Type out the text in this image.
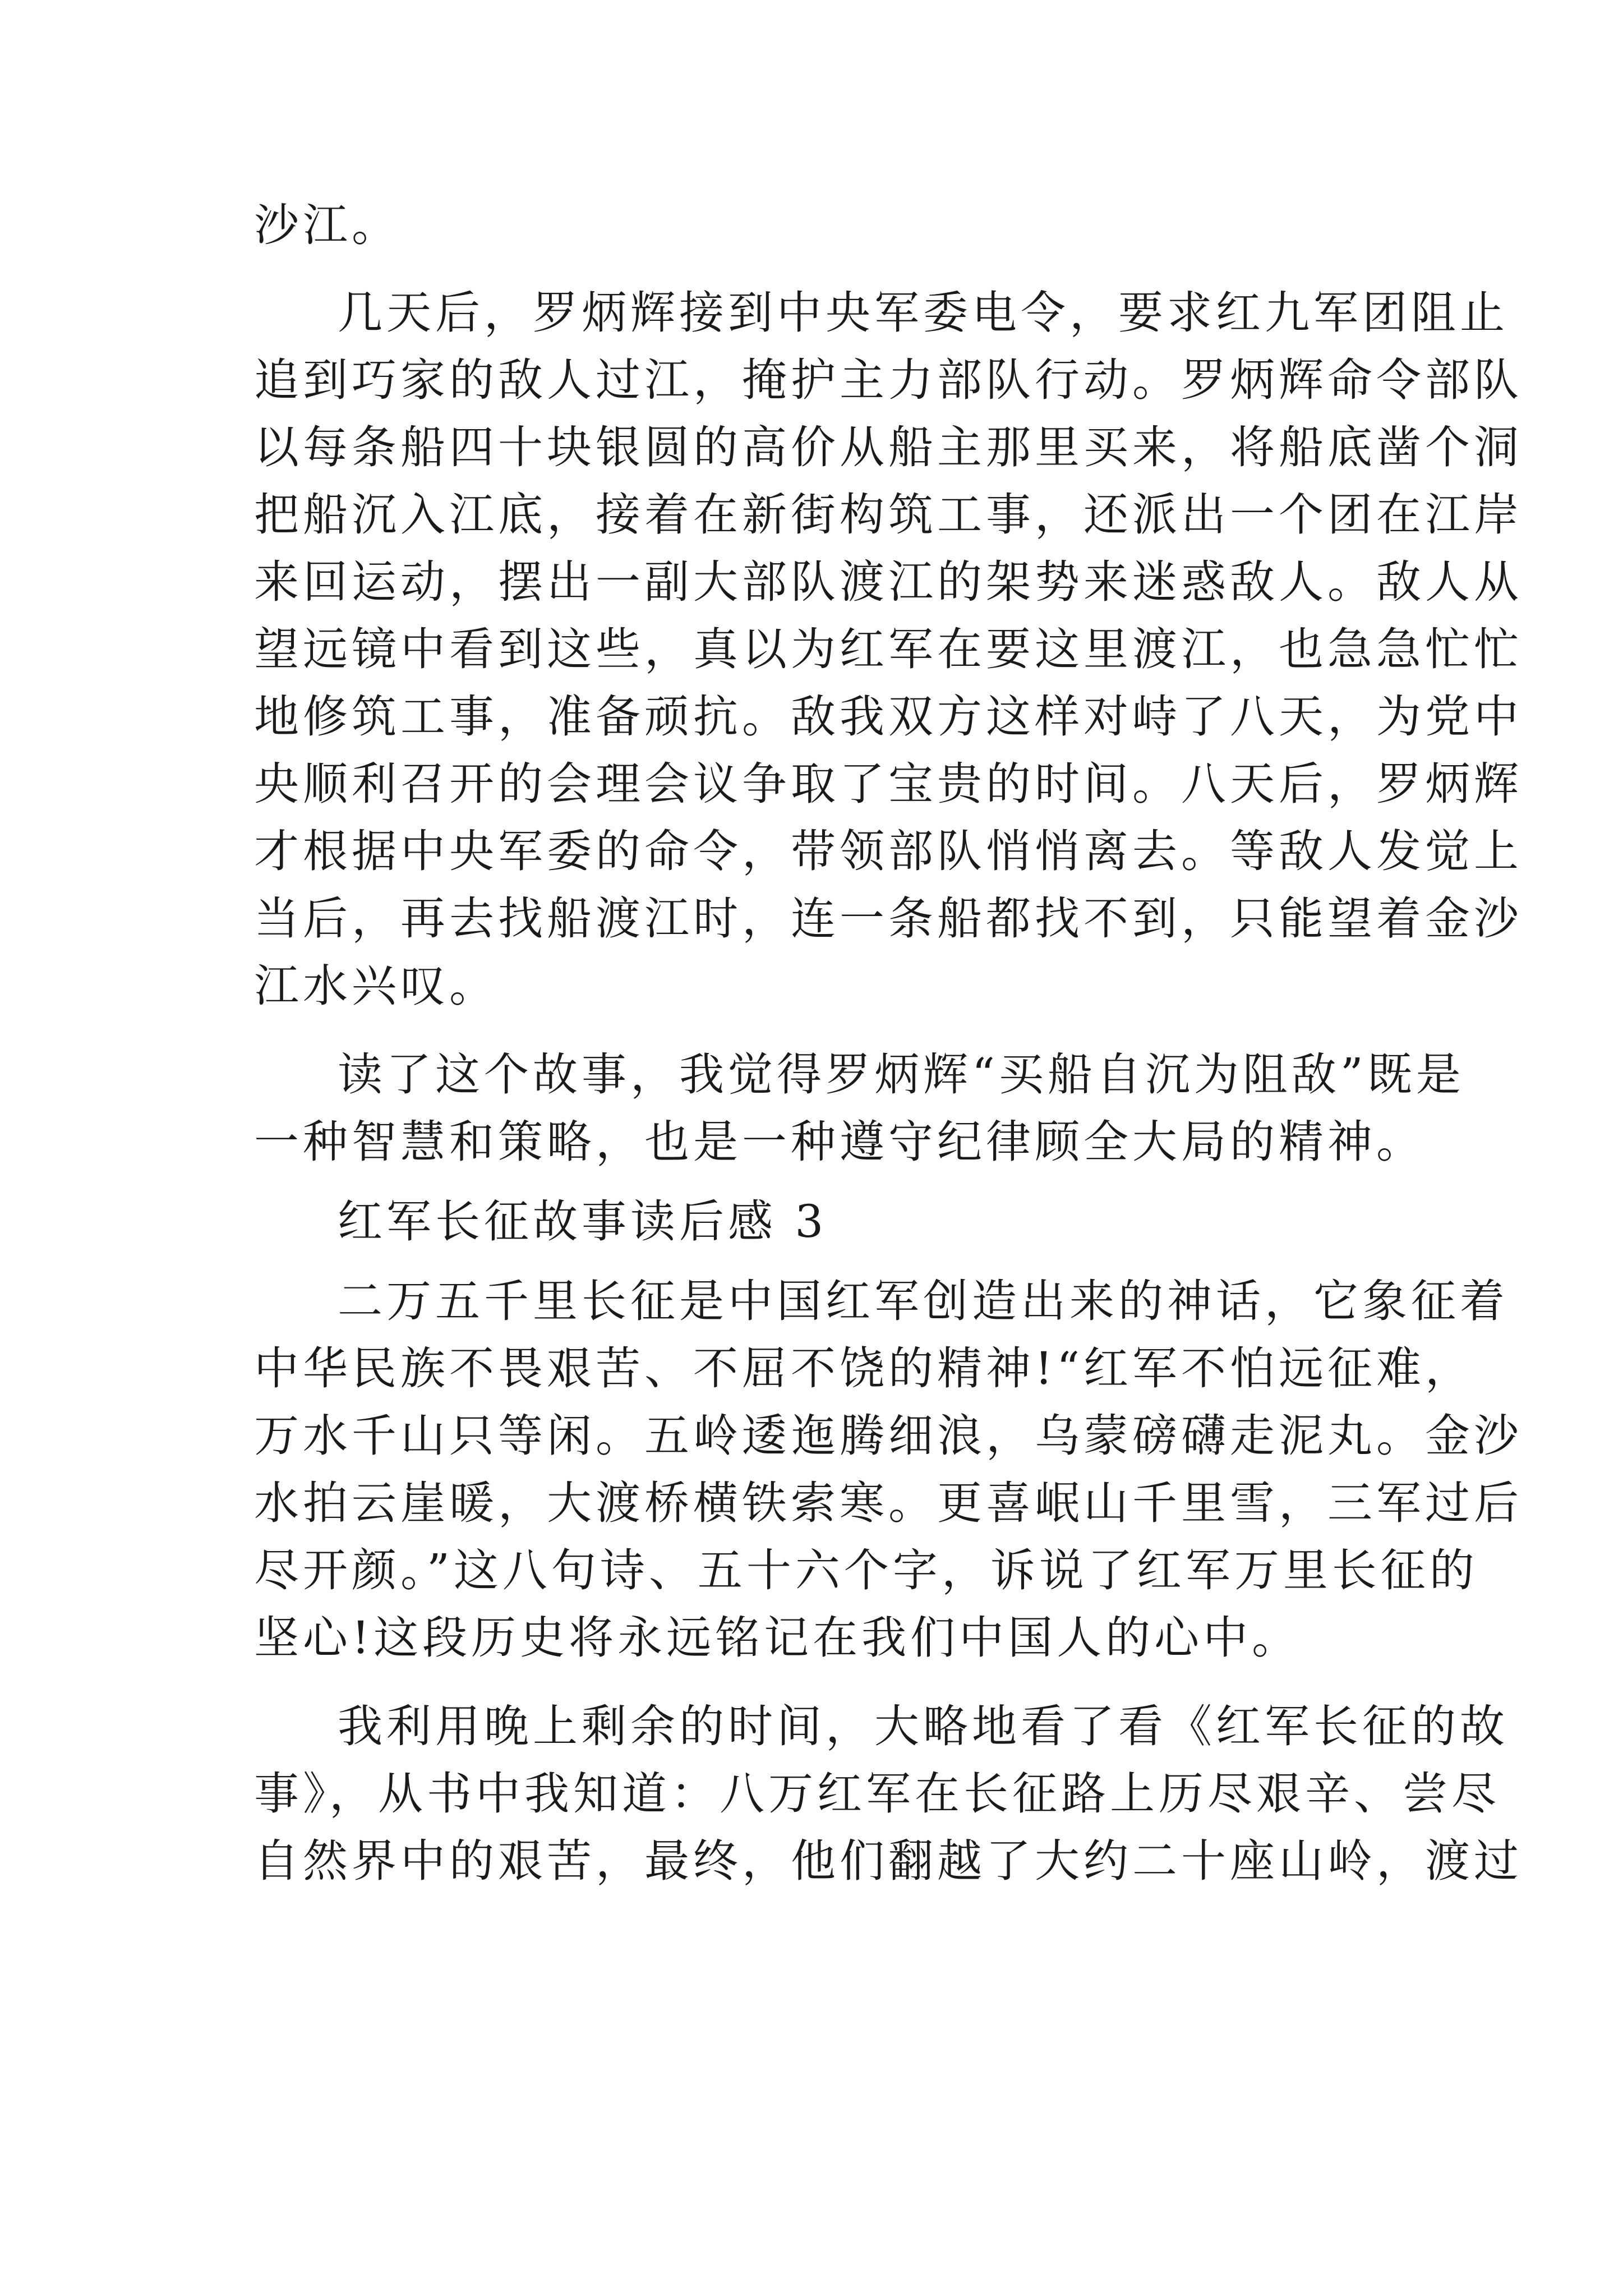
沙江。
几天后，罗炳辉接到中央军委电令，要求红九军团阻止
追到巧家的敌人过江，掩护主力部队行动。罗炳辉命令部队
以每条船四十块银圆的高价从船主那里买来，将船底凿个洞
把船沉入江底，接着在新街构筑工事，还派出一个团在江岸
来回运动，摆出一副大部队渡江的架势来迷惑敌人。敌人从
望远镜中看到这些，真以为红军在要这里渡江，也急急忙忙
地修筑工事，准备顽抗。敌我双方这样对峙了八天，为党中
央顺利召开的会理会议争取了宝贵的时间。八天后，罗炳辉
才根据中央军委的命令，带领部队悄悄离去。等敌人发觉上
当后，再去找船渡江时，连一条船都找不到，只能望着金沙
江水兴叹。
读了这个故事，我觉得罗炳辉“买船自沉为阻敌”既是
一种智慧和策略，也是一种遵守纪律顾全大局的精神。
红军长征故事读后感 3
二万五千里长征是中国红军创造出来的神话，它象征着
中华民族不畏艰苦、不屈不饶的精神!“红军不怕远征难，
万水千山只等闲。五岭逶迤腾细浪，乌蒙磅礴走泥丸。金沙
水拍云崖暖，大渡桥横铁索寒。更喜岷山千里雪，三军过后
尽开颜。”这八句诗、五十六个字，诉说了红军万里长征的
坚心!这段历史将永远铭记在我们中国人的心中。
我利用晚上剩余的时间，大略地看了看《红军长征的故
事》，从书中我知道：八万红军在长征路上历尽艰辛、尝尽
自然界中的艰苦，最终，他们翻越了大约二十座山岭，渡过
